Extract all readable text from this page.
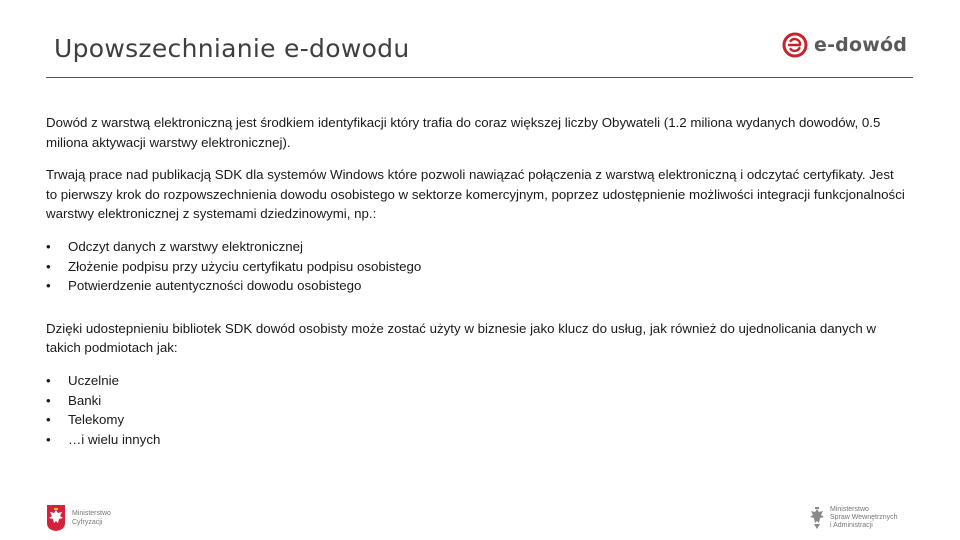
Upowszechnianie e-dowodu	e-dowód

Dowód z warstwą elektroniczną jest środkiem identyfikacji który trafia do coraz większej liczby Obywateli (1.2 miliona wydanych dowodów, 0.5 miliona aktywacji warstwy elektronicznej).

Trwają prace nad publikacją SDK dla systemów Windows które pozwoli nawiązać połączenia z warstwą elektroniczną i odczytać certyfikaty. Jest to pierwszy krok do rozpowszechnienia dowodu osobistego w sektorze komercyjnym, poprzez udostępnienie możliwości integracji funkcjonalności warstwy elektronicznej z systemami dziedzinowymi, np.:

• Odczyt danych z warstwy elektronicznej
• Złożenie podpisu przy użyciu certyfikatu podpisu osobistego
• Potwierdzenie autentyczności dowodu osobistego

Dzięki udostepnieniu bibliotek SDK dowód osobisty może zostać użyty w biznesie jako klucz do usług, jak również do ujednolicania danych w takich podmiotach jak:

• Uczelnie
• Banki
• Telekomy
• …i wielu innych
Ministerstwo
Cyfryzacji
Ministerstwo
Spraw Wewnętrznych
i Administracji
